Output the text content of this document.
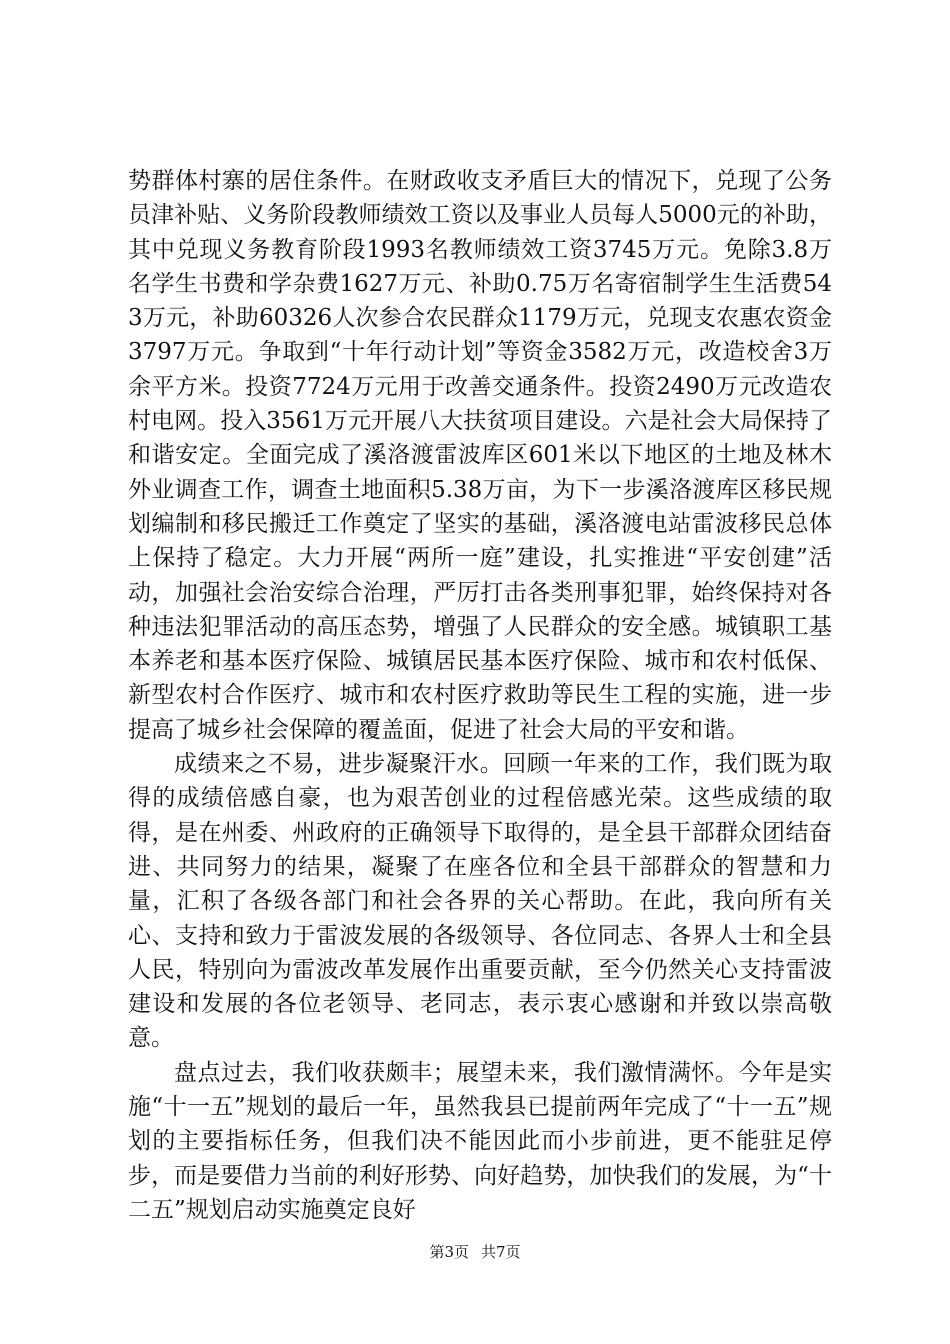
势群体村寨的居住条件。在财政收支矛盾巨大的情况下，兑现了公务员津补贴、义务阶段教师绩效工资以及事业人员每人5000元的补助，其中兑现义务教育阶段1993名教师绩效工资3745万元。免除3.8万名学生书费和学杂费1627万元、补助0.75万名寄宿制学生生活费543万元，补助60326人次参合农民群众1179万元，兑现支农惠农资金3797万元。争取到“十年行动计划”等资金3582万元，改造校舍3万余平方米。投资7724万元用于改善交通条件。投资2490万元改造农村电网。投入3561万元开展八大扶贫项目建设。六是社会大局保持了和谐安定。全面完成了溪洛渡雷波库区601米以下地区的土地及林木外业调查工作，调查土地面积5.38万亩，为下一步溪洛渡库区移民规划编制和移民搬迁工作奠定了坚实的基础，溪洛渡电站雷波移民总体上保持了稳定。大力开展“两所一庭”建设，扎实推进“平安创建”活动，加强社会治安综合治理，严厉打击各类刑事犯罪，始终保持对各种违法犯罪活动的高压态势，增强了人民群众的安全感。城镇职工基本养老和基本医疗保险、城镇居民基本医疗保险、城市和农村低保、新型农村合作医疗、城市和农村医疗救助等民生工程的实施，进一步提高了城乡社会保障的覆盖面，促进了社会大局的平安和谐。

成绩来之不易，进步凝聚汗水。回顾一年来的工作，我们既为取得的成绩倍感自豪，也为艰苦创业的过程倍感光荣。这些成绩的取得，是在州委、州政府的正确领导下取得的，是全县干部群众团结奋进、共同努力的结果，凝聚了在座各位和全县干部群众的智慧和力量，汇积了各级各部门和社会各界的关心帮助。在此，我向所有关心、支持和致力于雷波发展的各级领导、各位同志、各界人士和全县人民，特别向为雷波改革发展作出重要贡献，至今仍然关心支持雷波建设和发展的各位老领导、老同志，表示衷心感谢和并致以崇高敬意。

盘点过去，我们收获颇丰；展望未来，我们激情满怀。今年是实施“十一五”规划的最后一年，虽然我县已提前两年完成了“十一五”规划的主要指标任务，但我们决不能因此而小步前进，更不能驻足停步，而是要借力当前的利好形势、向好趋势，加快我们的发展，为“十二五”规划启动实施奠定良好

第3页 共7页
